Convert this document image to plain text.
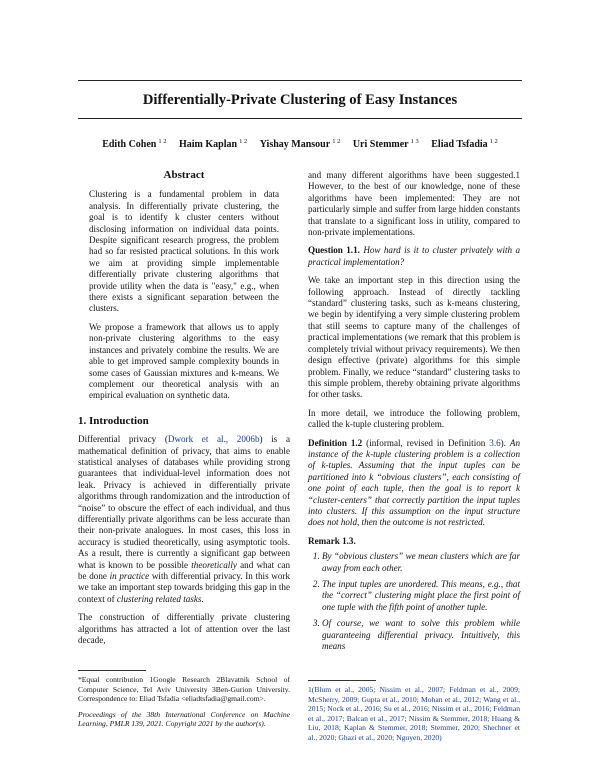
Differentially-Private Clustering of Easy Instances
Edith Cohen $^{1 2}$ Haim Kaplan $^{1 2}$ Yishay Mansour $^{1 2}$ Uri Stemmer $^{1 3}$ Eliad Tsfadia $^{1 2}$
Abstract

Clustering is a fundamental problem in data analysis. In differentially private clustering, the goal is to identify k cluster centers without disclosing information on individual data points. Despite significant research progress, the problem had so far resisted practical solutions. In this work we aim at providing simple implementable differentially private clustering algorithms that provide utility when the data is "easy," e.g., when there exists a significant separation between the clusters.

We propose a framework that allows us to apply non-private clustering algorithms to the easy instances and privately combine the results. We are able to get improved sample complexity bounds in some cases of Gaussian mixtures and k-means. We complement our theoretical analysis with an empirical evaluation on synthetic data.

1. Introduction

Differential privacy (Dwork et al., 2006b) is a mathematical definition of privacy, that aims to enable statistical analyses of databases while providing strong guarantees that individual-level information does not leak. Privacy is achieved in differentially private algorithms through randomization and the introduction of “noise” to obscure the effect of each individual, and thus differentially private algorithms can be less accurate than their non-private analogues. In most cases, this loss in accuracy is studied theoretically, using asymptotic tools. As a result, there is currently a significant gap between what is known to be possible theoretically and what can be done in practice with differential privacy. In this work we take an important step towards bridging this gap in the context of clustering related tasks.

The construction of differentially private clustering algorithms has attracted a lot of attention over the last decade,

*Equal contribution 1Google Research 2Blavatnik School of Computer Science, Tel Aviv University 3Ben-Gurion University. Correspondence to: Eliad Tsfadia <eliadtsfadia@gmail.com>.

Proceedings of the 38th International Conference on Machine Learning, PMLR 139, 2021. Copyright 2021 by the author(s).

and many different algorithms have been suggested.1 However, to the best of our knowledge, none of these algorithms have been implemented: They are not particularly simple and suffer from large hidden constants that translate to a significant loss in utility, compared to non-private implementations.

Question 1.1. How hard is it to cluster privately with a practical implementation?

We take an important step in this direction using the following approach. Instead of directly tackling “standard” clustering tasks, such as k-means clustering, we begin by identifying a very simple clustering problem that still seems to capture many of the challenges of practical implementations (we remark that this problem is completely trivial without privacy requirements). We then design effective (private) algorithms for this simple problem. Finally, we reduce “standard” clustering tasks to this simple problem, thereby obtaining private algorithms for other tasks.

In more detail, we introduce the following problem, called the k-tuple clustering problem.

Definition 1.2 (informal, revised in Definition 3.6). An instance of the k-tuple clustering problem is a collection of k-tuples. Assuming that the input tuples can be partitioned into k “obvious clusters”, each consisting of one point of each tuple, then the goal is to report k “cluster-centers” that correctly partition the input tuples into clusters. If this assumption on the input structure does not hold, then the outcome is not restricted.

Remark 1.3.

1. By “obvious clusters” we mean clusters which are far away from each other.
2. The input tuples are unordered. This means, e.g., that the “correct” clustering might place the first point of one tuple with the fifth point of another tuple.
3. Of course, we want to solve this problem while guaranteeing differential privacy. Intuitively, this means

1(Blum et al., 2005; Nissim et al., 2007; Feldman et al., 2009; McSherry, 2009; Gupta et al., 2010; Mohan et al., 2012; Wang et al., 2015; Nock et al., 2016; Su et al., 2016; Nissim et al., 2016; Feldman et al., 2017; Balcan et al., 2017; Nissim & Stemmer, 2018; Huang & Liu, 2018; Kaplan & Stemmer, 2018; Stemmer, 2020; Shechner et al., 2020; Ghazi et al., 2020; Nguyen, 2020)
